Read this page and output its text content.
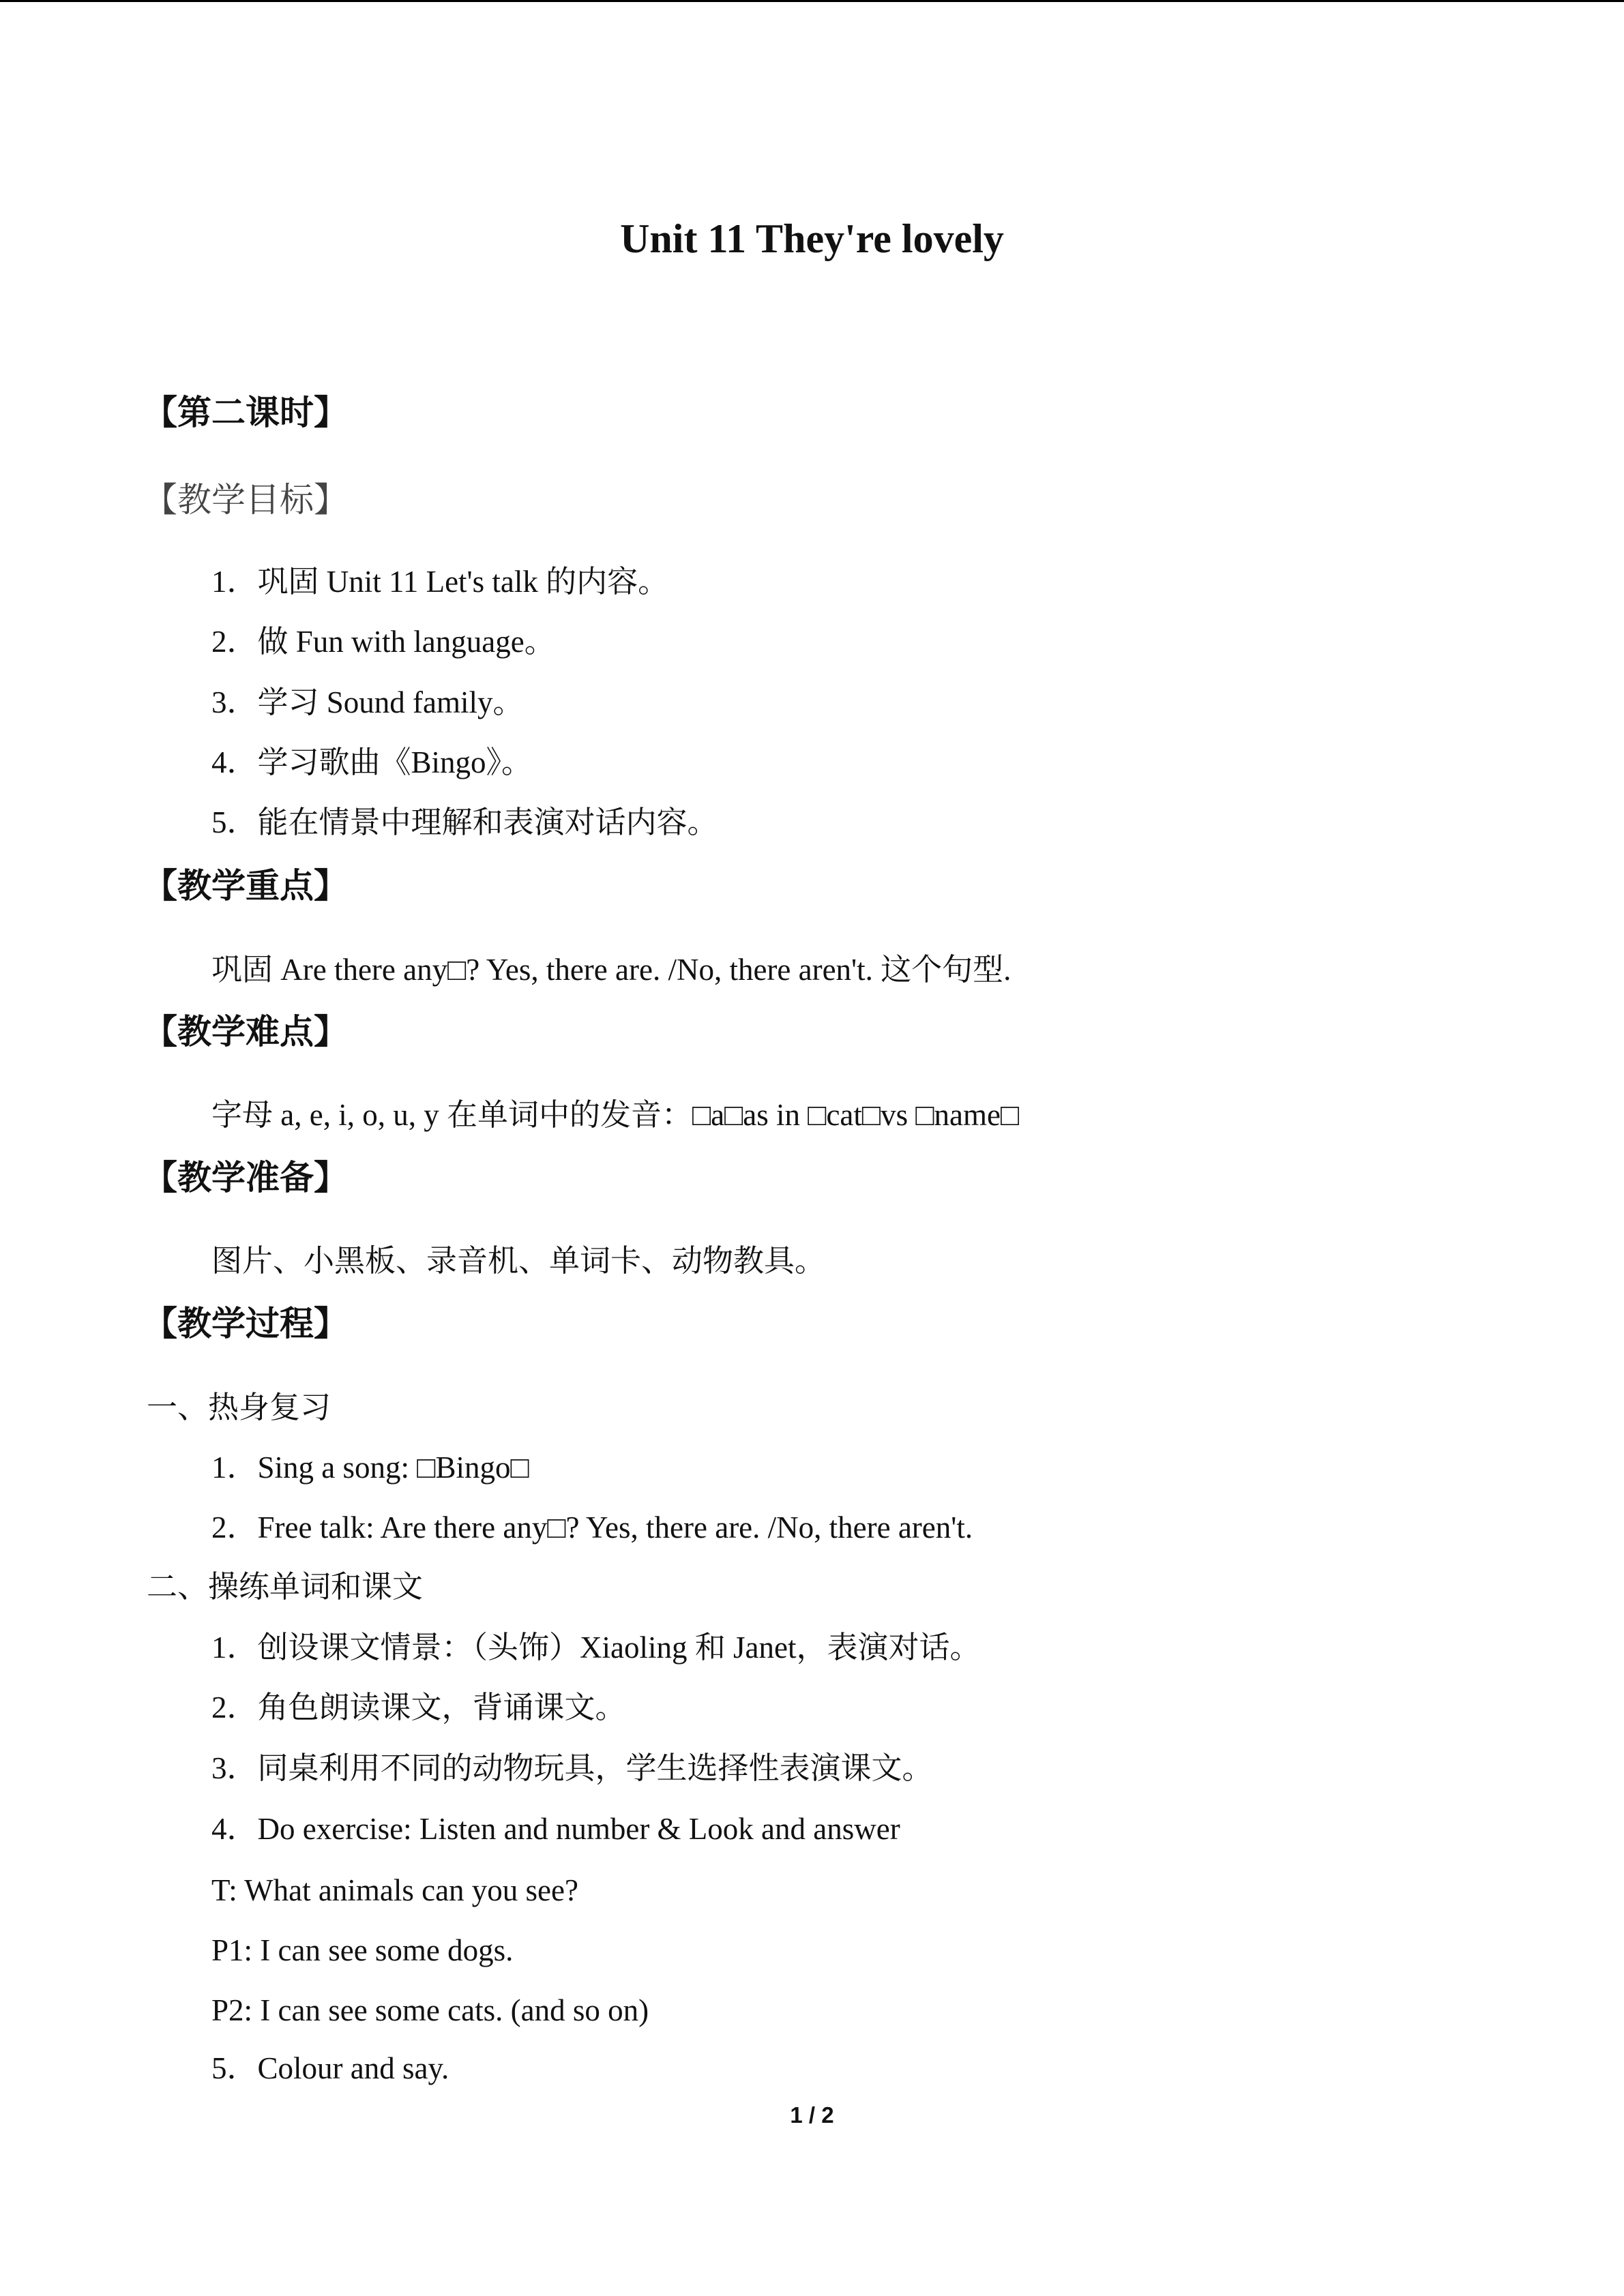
Unit 11 They're lovely
【第二课时】
【教学目标】
1．巩固 Unit 11 Let's talk 的内容。
2．做 Fun with language。
3．学习 Sound family。
4．学习歌曲《Bingo》。
5．能在情景中理解和表演对话内容。
【教学重点】
巩固 Are there any□? Yes, there are. /No, there aren't. 这个句型.
【教学难点】
字母 a, e, i, o, u, y 在单词中的发音：□a□as in □cat□vs □name□
【教学准备】
图片、小黑板、录音机、单词卡、动物教具。
【教学过程】
一、热身复习
1．Sing a song: □Bingo□
2．Free talk: Are there any□? Yes, there are. /No, there aren't.
二、操练单词和课文
1．创设课文情景：（头饰）Xiaoling 和 Janet，表演对话。
2．角色朗读课文，背诵课文。
3．同桌利用不同的动物玩具，学生选择性表演课文。
4．Do exercise: Listen and number & Look and answer
T: What animals can you see?
P1: I can see some dogs.
P2: I can see some cats. (and so on)
5．Colour and say.
1 / 2
